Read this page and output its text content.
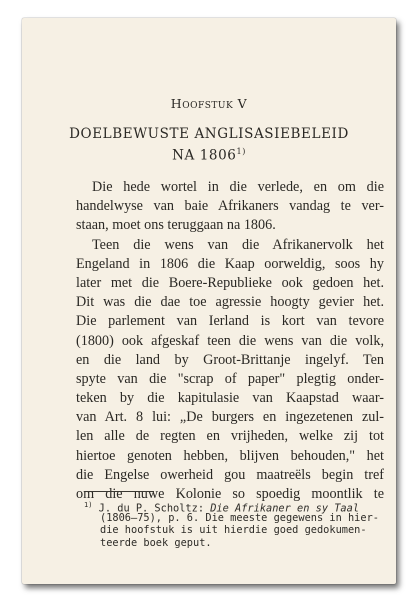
Hoofstuk V
DOELBEWUSTE ANGLISASIEBELEID
NA 1806$^{1)}$
Die hede wortel in die verlede, en om die
handelwyse van baie Afrikaners vandag te ver-
staan, moet ons teruggaan na 1806.
Teen die wens van die Afrikanervolk het
Engeland in 1806 die Kaap oorweldig, soos hy
later met die Boere-Republieke ook gedoen het.
Dit was die dae toe agressie hoogty gevier het.
Die parlement van Ierland is kort van tevore
(1800) ook afgeskaf teen die wens van die volk,
en die land by Groot-Brittanje ingelyf. Ten
spyte van die "scrap of paper" plegtig onder-
teken by die kapitulasie van Kaapstad waar-
van Art. 8 lui: „De burgers en ingezetenen zul-
len alle de regten en vrijheden, welke zij tot
hiertoe genoten hebben, blijven behouden," het
die Engelse owerheid gou maatreëls begin tref
om die nuwe Kolonie so spoedig moontlik te
$^{1)}$ J. du P. Scholtz: Die Afrikaner en sy Taal
(1806—75), p. 6. Die meeste gegewens in hier-
die hoofstuk is uit hierdie goed gedokumen-
teerde boek geput.
